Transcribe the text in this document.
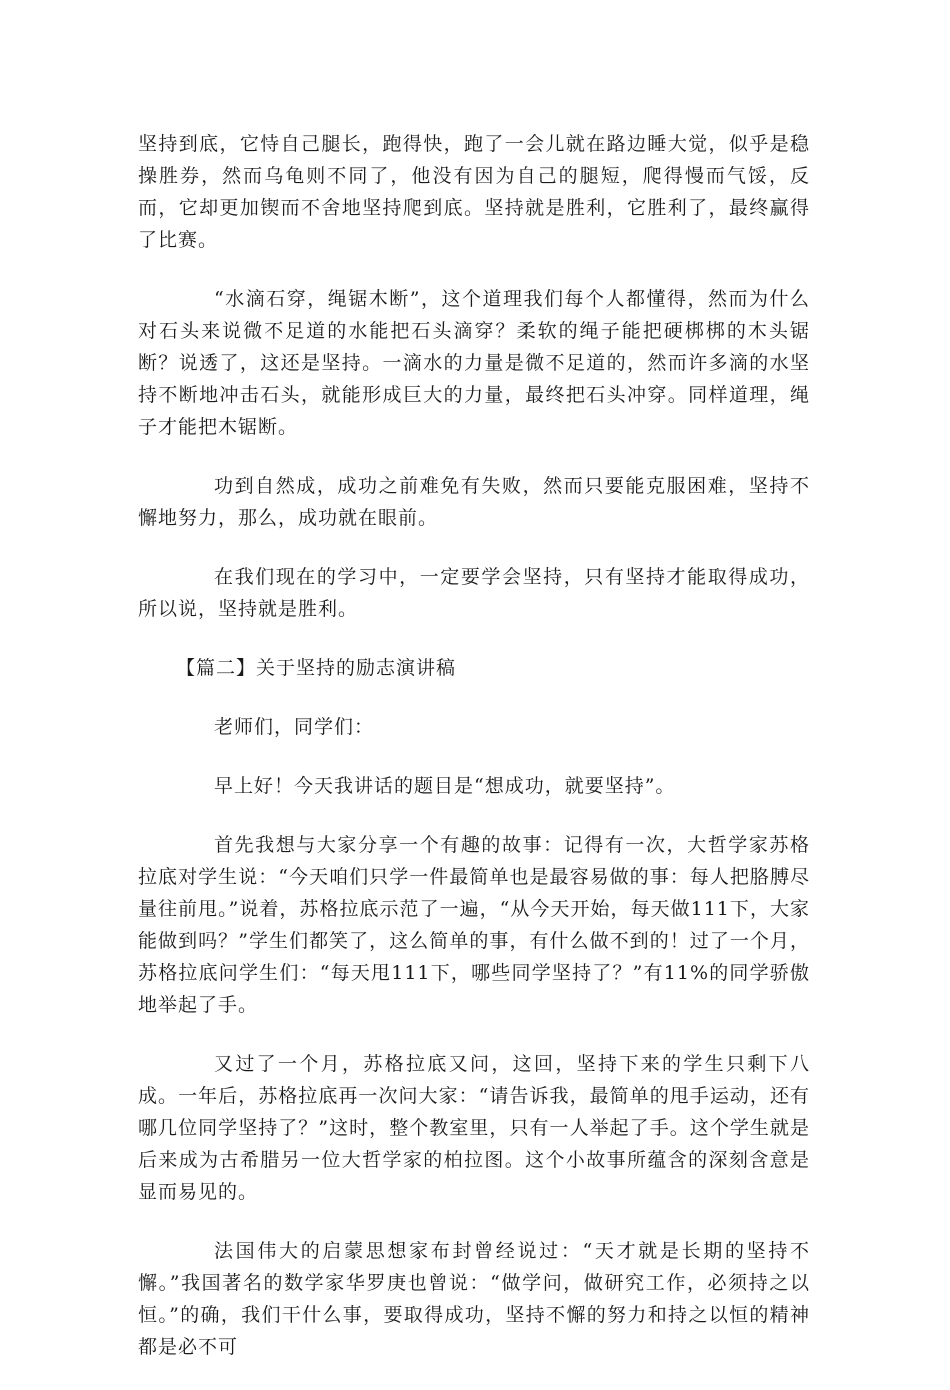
坚持到底，它恃自己腿长，跑得快，跑了一会儿就在路边睡大觉，似乎是稳操胜券，然而乌龟则不同了，他没有因为自己的腿短，爬得慢而气馁，反而，它却更加锲而不舍地坚持爬到底。坚持就是胜利，它胜利了，最终赢得了比赛。

“水滴石穿，绳锯木断”，这个道理我们每个人都懂得，然而为什么对石头来说微不足道的水能把石头滴穿？柔软的绳子能把硬梆梆的木头锯断？说透了，这还是坚持。一滴水的力量是微不足道的，然而许多滴的水坚持不断地冲击石头，就能形成巨大的力量，最终把石头冲穿。同样道理，绳子才能把木锯断。

功到自然成，成功之前难免有失败，然而只要能克服困难，坚持不懈地努力，那么，成功就在眼前。

在我们现在的学习中，一定要学会坚持，只有坚持才能取得成功，所以说，坚持就是胜利。

【篇二】关于坚持的励志演讲稿

老师们，同学们：

早上好！今天我讲话的题目是“想成功，就要坚持”。

首先我想与大家分享一个有趣的故事：记得有一次，大哲学家苏格拉底对学生说：“今天咱们只学一件最简单也是最容易做的事：每人把胳膊尽量往前甩。”说着，苏格拉底示范了一遍，“从今天开始，每天做111下，大家能做到吗？”学生们都笑了，这么简单的事，有什么做不到的！过了一个月，苏格拉底问学生们：“每天甩111下，哪些同学坚持了？”有11%的同学骄傲地举起了手。

又过了一个月，苏格拉底又问，这回，坚持下来的学生只剩下八成。一年后，苏格拉底再一次问大家：“请告诉我，最简单的甩手运动，还有哪几位同学坚持了？”这时，整个教室里，只有一人举起了手。这个学生就是后来成为古希腊另一位大哲学家的柏拉图。这个小故事所蕴含的深刻含意是显而易见的。

法国伟大的启蒙思想家布封曾经说过：“天才就是长期的坚持不懈。”我国著名的数学家华罗庚也曾说：“做学问，做研究工作，必须持之以恒。”的确，我们干什么事，要取得成功，坚持不懈的努力和持之以恒的精神都是必不可
